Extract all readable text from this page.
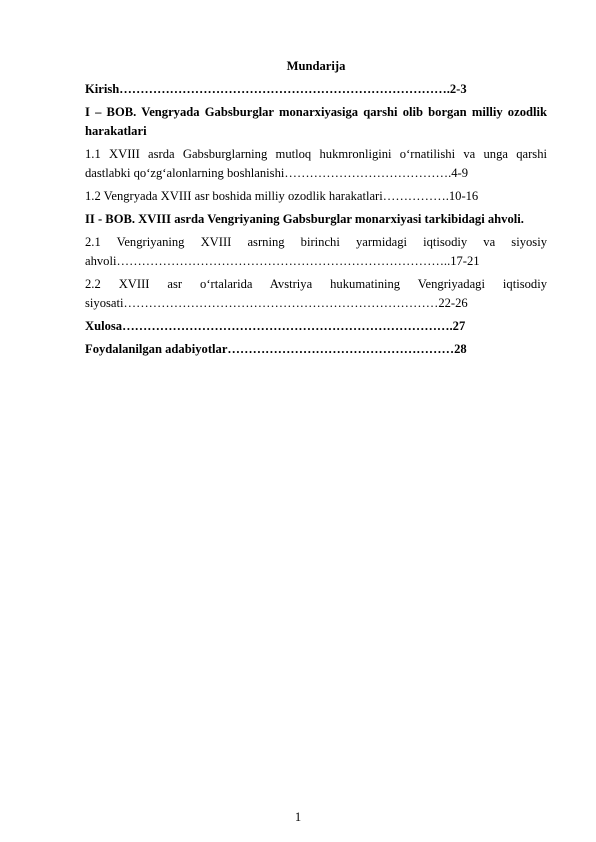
Mundarija
Kirish…………………………………………………………………….2-3
I – BOB. Vengryada Gabsburglar monarxiyasiga qarshi olib borgan milliy ozodlik harakatlari
1.1 XVIII asrda Gabsburglarning mutloq hukmronligini o‘rnatilishi va unga qarshi dastlabki qo‘zg‘alonlarning boshlanishi………………………………….4-9
1.2 Vengryada XVIII asr boshida milliy ozodlik harakatlari…………….10-16
II - BOB. XVIII asrda Vengriyaning Gabsburglar monarxiyasi tarkibidagi ahvoli.
2.1 Vengriyaning XVIII asrning birinchi yarmidagi iqtisodiy va siyosiy ahvoli……………………………………………………………………..17-21
2.2 XVIII asr o‘rtalarida Avstriya hukumatining Vengriyadagi iqtisodiy siyosati…………………………………………………………………22-26
Xulosa…………………………………………………………………….27
Foydalanilgan adabiyotlar………………………………………………28
1
